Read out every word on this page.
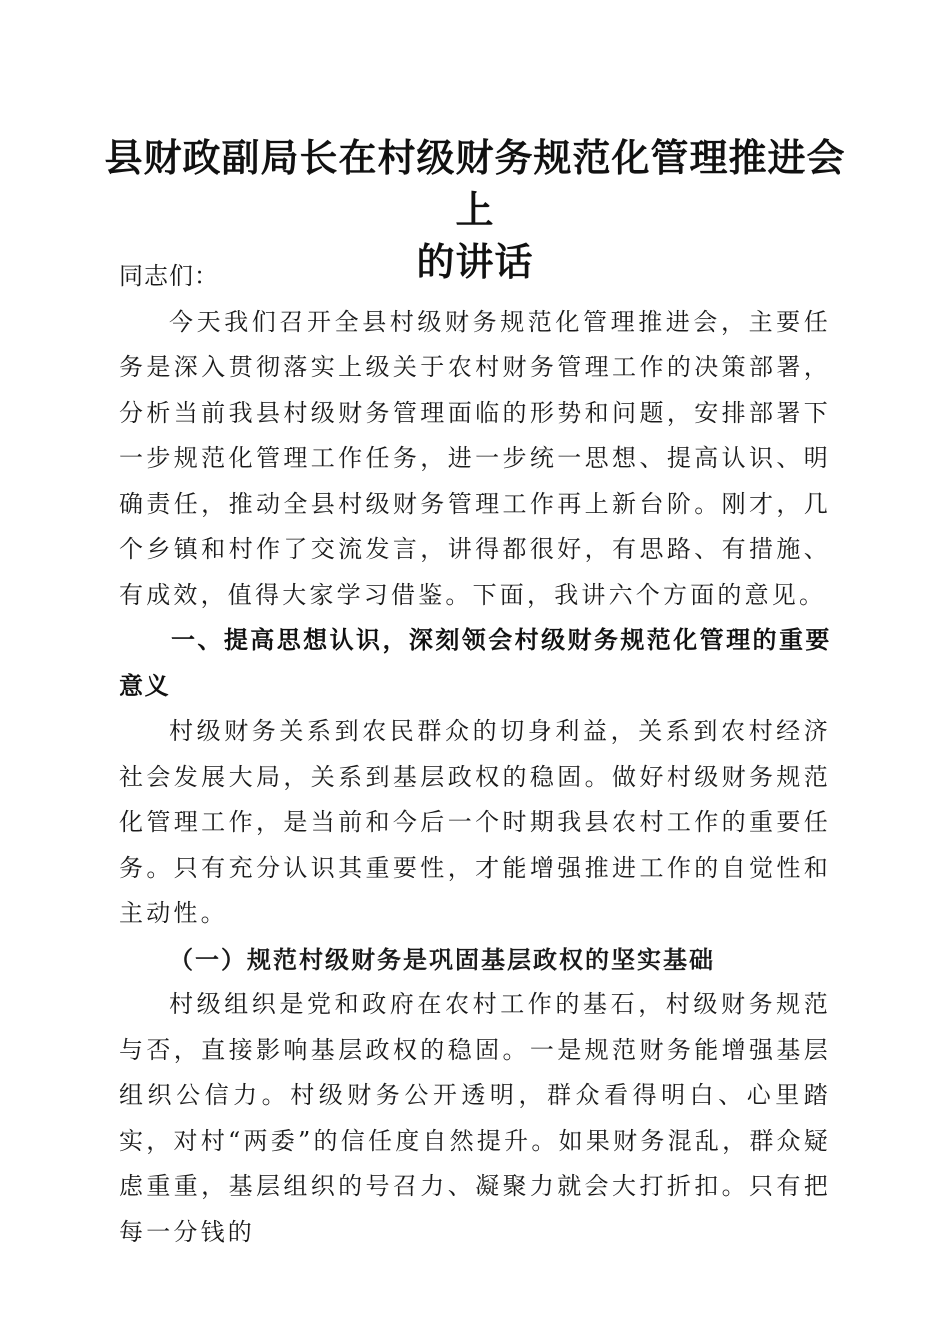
县财政副局长在村级财务规范化管理推进会上
的讲话

同志们：

今天我们召开全县村级财务规范化管理推进会，主要任务是深入贯彻落实上级关于农村财务管理工作的决策部署，分析当前我县村级财务管理面临的形势和问题，安排部署下一步规范化管理工作任务，进一步统一思想、提高认识、明确责任，推动全县村级财务管理工作再上新台阶。刚才，几个乡镇和村作了交流发言，讲得都很好，有思路、有措施、有成效，值得大家学习借鉴。下面，我讲六个方面的意见。

一、提高思想认识，深刻领会村级财务规范化管理的重要意义

村级财务关系到农民群众的切身利益，关系到农村经济社会发展大局，关系到基层政权的稳固。做好村级财务规范化管理工作，是当前和今后一个时期我县农村工作的重要任务。只有充分认识其重要性，才能增强推进工作的自觉性和主动性。

（一）规范村级财务是巩固基层政权的坚实基础

村级组织是党和政府在农村工作的基石，村级财务规范与否，直接影响基层政权的稳固。一是规范财务能增强基层组织公信力。村级财务公开透明，群众看得明白、心里踏实，对村“两委”的信任度自然提升。如果财务混乱，群众疑虑重重，基层组织的号召力、凝聚力就会大打折扣。只有把每一分钱的
